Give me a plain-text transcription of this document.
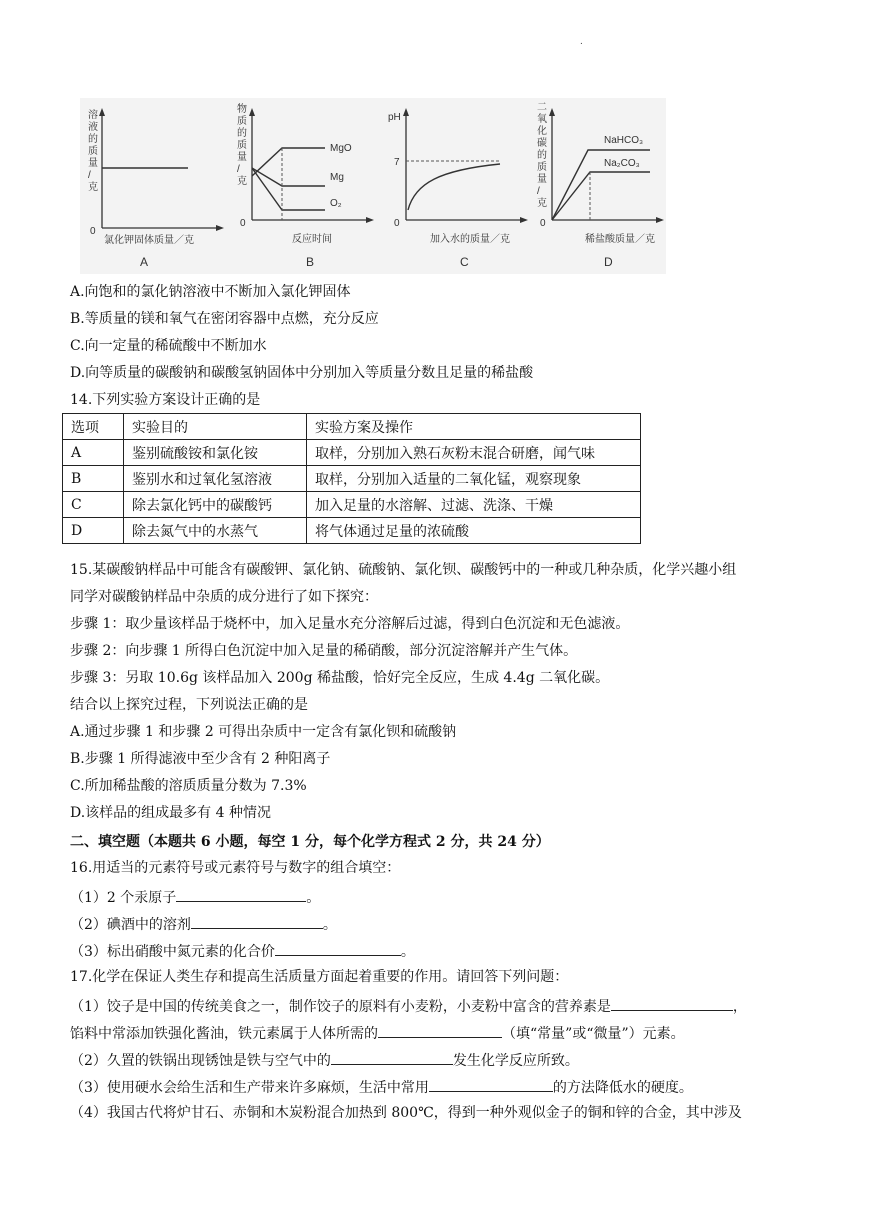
.
溶
液
的
质
量
/
克
0
氯化钾固体质量／克
A
物
质
的
质
量
/
克
MgO
Mg
O₂
0
反应时间
B
pH
7
0
加入水的质量／克
C
二
氧
化
碳
的
质
量
/
克
NaHCO₃
Na₂CO₃
0
稀盐酸质量／克
D
A.向饱和的氯化钠溶液中不断加入氯化钾固体
B.等质量的镁和氧气在密闭容器中点燃，充分反应
C.向一定量的稀硫酸中不断加水
D.向等质量的碳酸钠和碳酸氢钠固体中分别加入等质量分数且足量的稀盐酸
14.下列实验方案设计正确的是
选项	实验目的	实验方案及操作
A	鉴别硫酸铵和氯化铵	取样，分别加入熟石灰粉末混合研磨，闻气味
B	鉴别水和过氧化氢溶液	取样，分别加入适量的二氧化锰，观察现象
C	除去氯化钙中的碳酸钙	加入足量的水溶解、过滤、洗涤、干燥
D	除去氮气中的水蒸气	将气体通过足量的浓硫酸
15.某碳酸钠样品中可能含有碳酸钾、氯化钠、硫酸钠、氯化钡、碳酸钙中的一种或几种杂质，化学兴趣小组
同学对碳酸钠样品中杂质的成分进行了如下探究：
步骤 1：取少量该样品于烧杯中，加入足量水充分溶解后过滤，得到白色沉淀和无色滤液。
步骤 2：向步骤 1 所得白色沉淀中加入足量的稀硝酸，部分沉淀溶解并产生气体。
步骤 3：另取 10.6g 该样品加入 200g 稀盐酸，恰好完全反应，生成 4.4g 二氧化碳。
结合以上探究过程，下列说法正确的是
A.通过步骤 1 和步骤 2 可得出杂质中一定含有氯化钡和硫酸钠
B.步骤 1 所得滤液中至少含有 2 种阳离子
C.所加稀盐酸的溶质质量分数为 7.3%
D.该样品的组成最多有 4 种情况
二、填空题（本题共 6 小题，每空 1 分，每个化学方程式 2 分，共 24 分）
16.用适当的元素符号或元素符号与数字的组合填空：
（1）2 个汞原子	。
（2）碘酒中的溶剂	。
（3）标出硝酸中氮元素的化合价	。
17.化学在保证人类生存和提高生活质量方面起着重要的作用。请回答下列问题：
（1）饺子是中国的传统美食之一，制作饺子的原料有小麦粉，小麦粉中富含的营养素是	，
馅料中常添加铁强化酱油，铁元素属于人体所需的	（填“常量”或“微量”）元素。
（2）久置的铁锅出现锈蚀是铁与空气中的	发生化学反应所致。
（3）使用硬水会给生活和生产带来许多麻烦，生活中常用	的方法降低水的硬度。
（4）我国古代将炉甘石、赤铜和木炭粉混合加热到 800℃，得到一种外观似金子的铜和锌的合金，其中涉及
